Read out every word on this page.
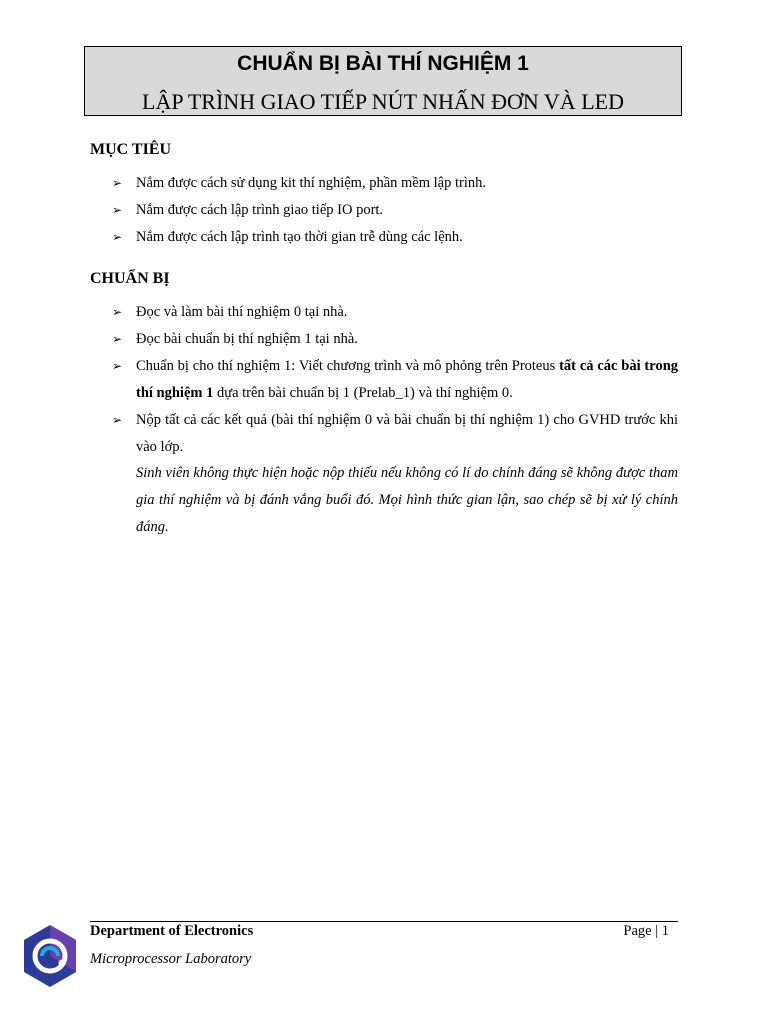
CHUẨN BỊ BÀI THÍ NGHIỆM 1
LẬP TRÌNH GIAO TIẾP NÚT NHẤN ĐƠN VÀ LED
MỤC TIÊU
➢ Nắm được cách sử dụng kit thí nghiệm, phần mềm lập trình.
➢ Nắm được cách lập trình giao tiếp IO port.
➢ Nắm được cách lập trình tạo thời gian trễ dùng các lệnh.
CHUẨN BỊ
➢ Đọc và làm bài thí nghiệm 0 tại nhà.
➢ Đọc bài chuẩn bị thí nghiệm 1 tại nhà.
➢ Chuẩn bị cho thí nghiệm 1: Viết chương trình và mô phỏng trên Proteus tất cả các bài trong thí nghiệm 1 dựa trên bài chuẩn bị 1 (Prelab_1) và thí nghiệm 0.
➢ Nộp tất cả các kết quả (bài thí nghiệm 0 và bài chuẩn bị thí nghiệm 1) cho GVHD trước khi vào lớp.
Sinh viên không thực hiện hoặc nộp thiếu nếu không có lí do chính đáng sẽ không được tham gia thí nghiệm và bị đánh vắng buổi đó. Mọi hình thức gian lận, sao chép sẽ bị xử lý chính đáng.
Department of Electronics	Page | 1
Microprocessor Laboratory
